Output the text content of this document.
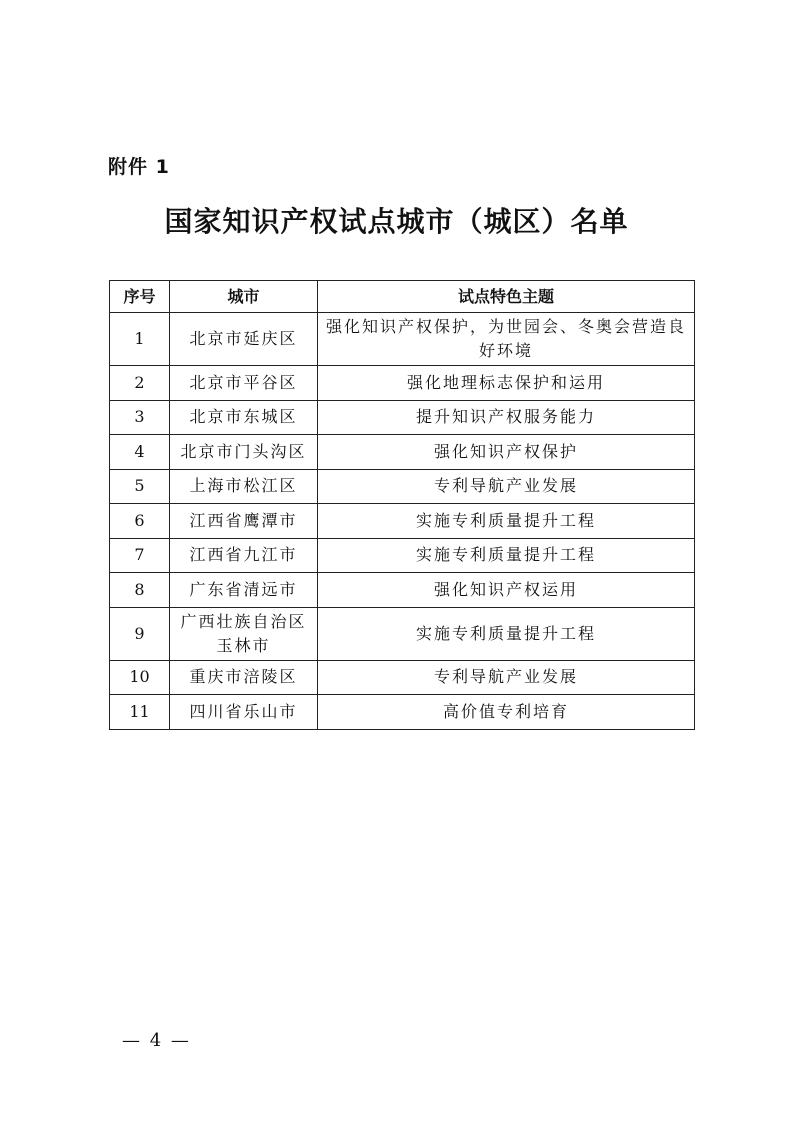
附件 1
国家知识产权试点城市（城区）名单
序号	城市	试点特色主题
1	北京市延庆区	强化知识产权保护，为世园会、冬奥会营造良好环境
2	北京市平谷区	强化地理标志保护和运用
3	北京市东城区	提升知识产权服务能力
4	北京市门头沟区	强化知识产权保护
5	上海市松江区	专利导航产业发展
6	江西省鹰潭市	实施专利质量提升工程
7	江西省九江市	实施专利质量提升工程
8	广东省清远市	强化知识产权运用
9	广西壮族自治区玉林市	实施专利质量提升工程
10	重庆市涪陵区	专利导航产业发展
11	四川省乐山市	高价值专利培育
— 4 —
